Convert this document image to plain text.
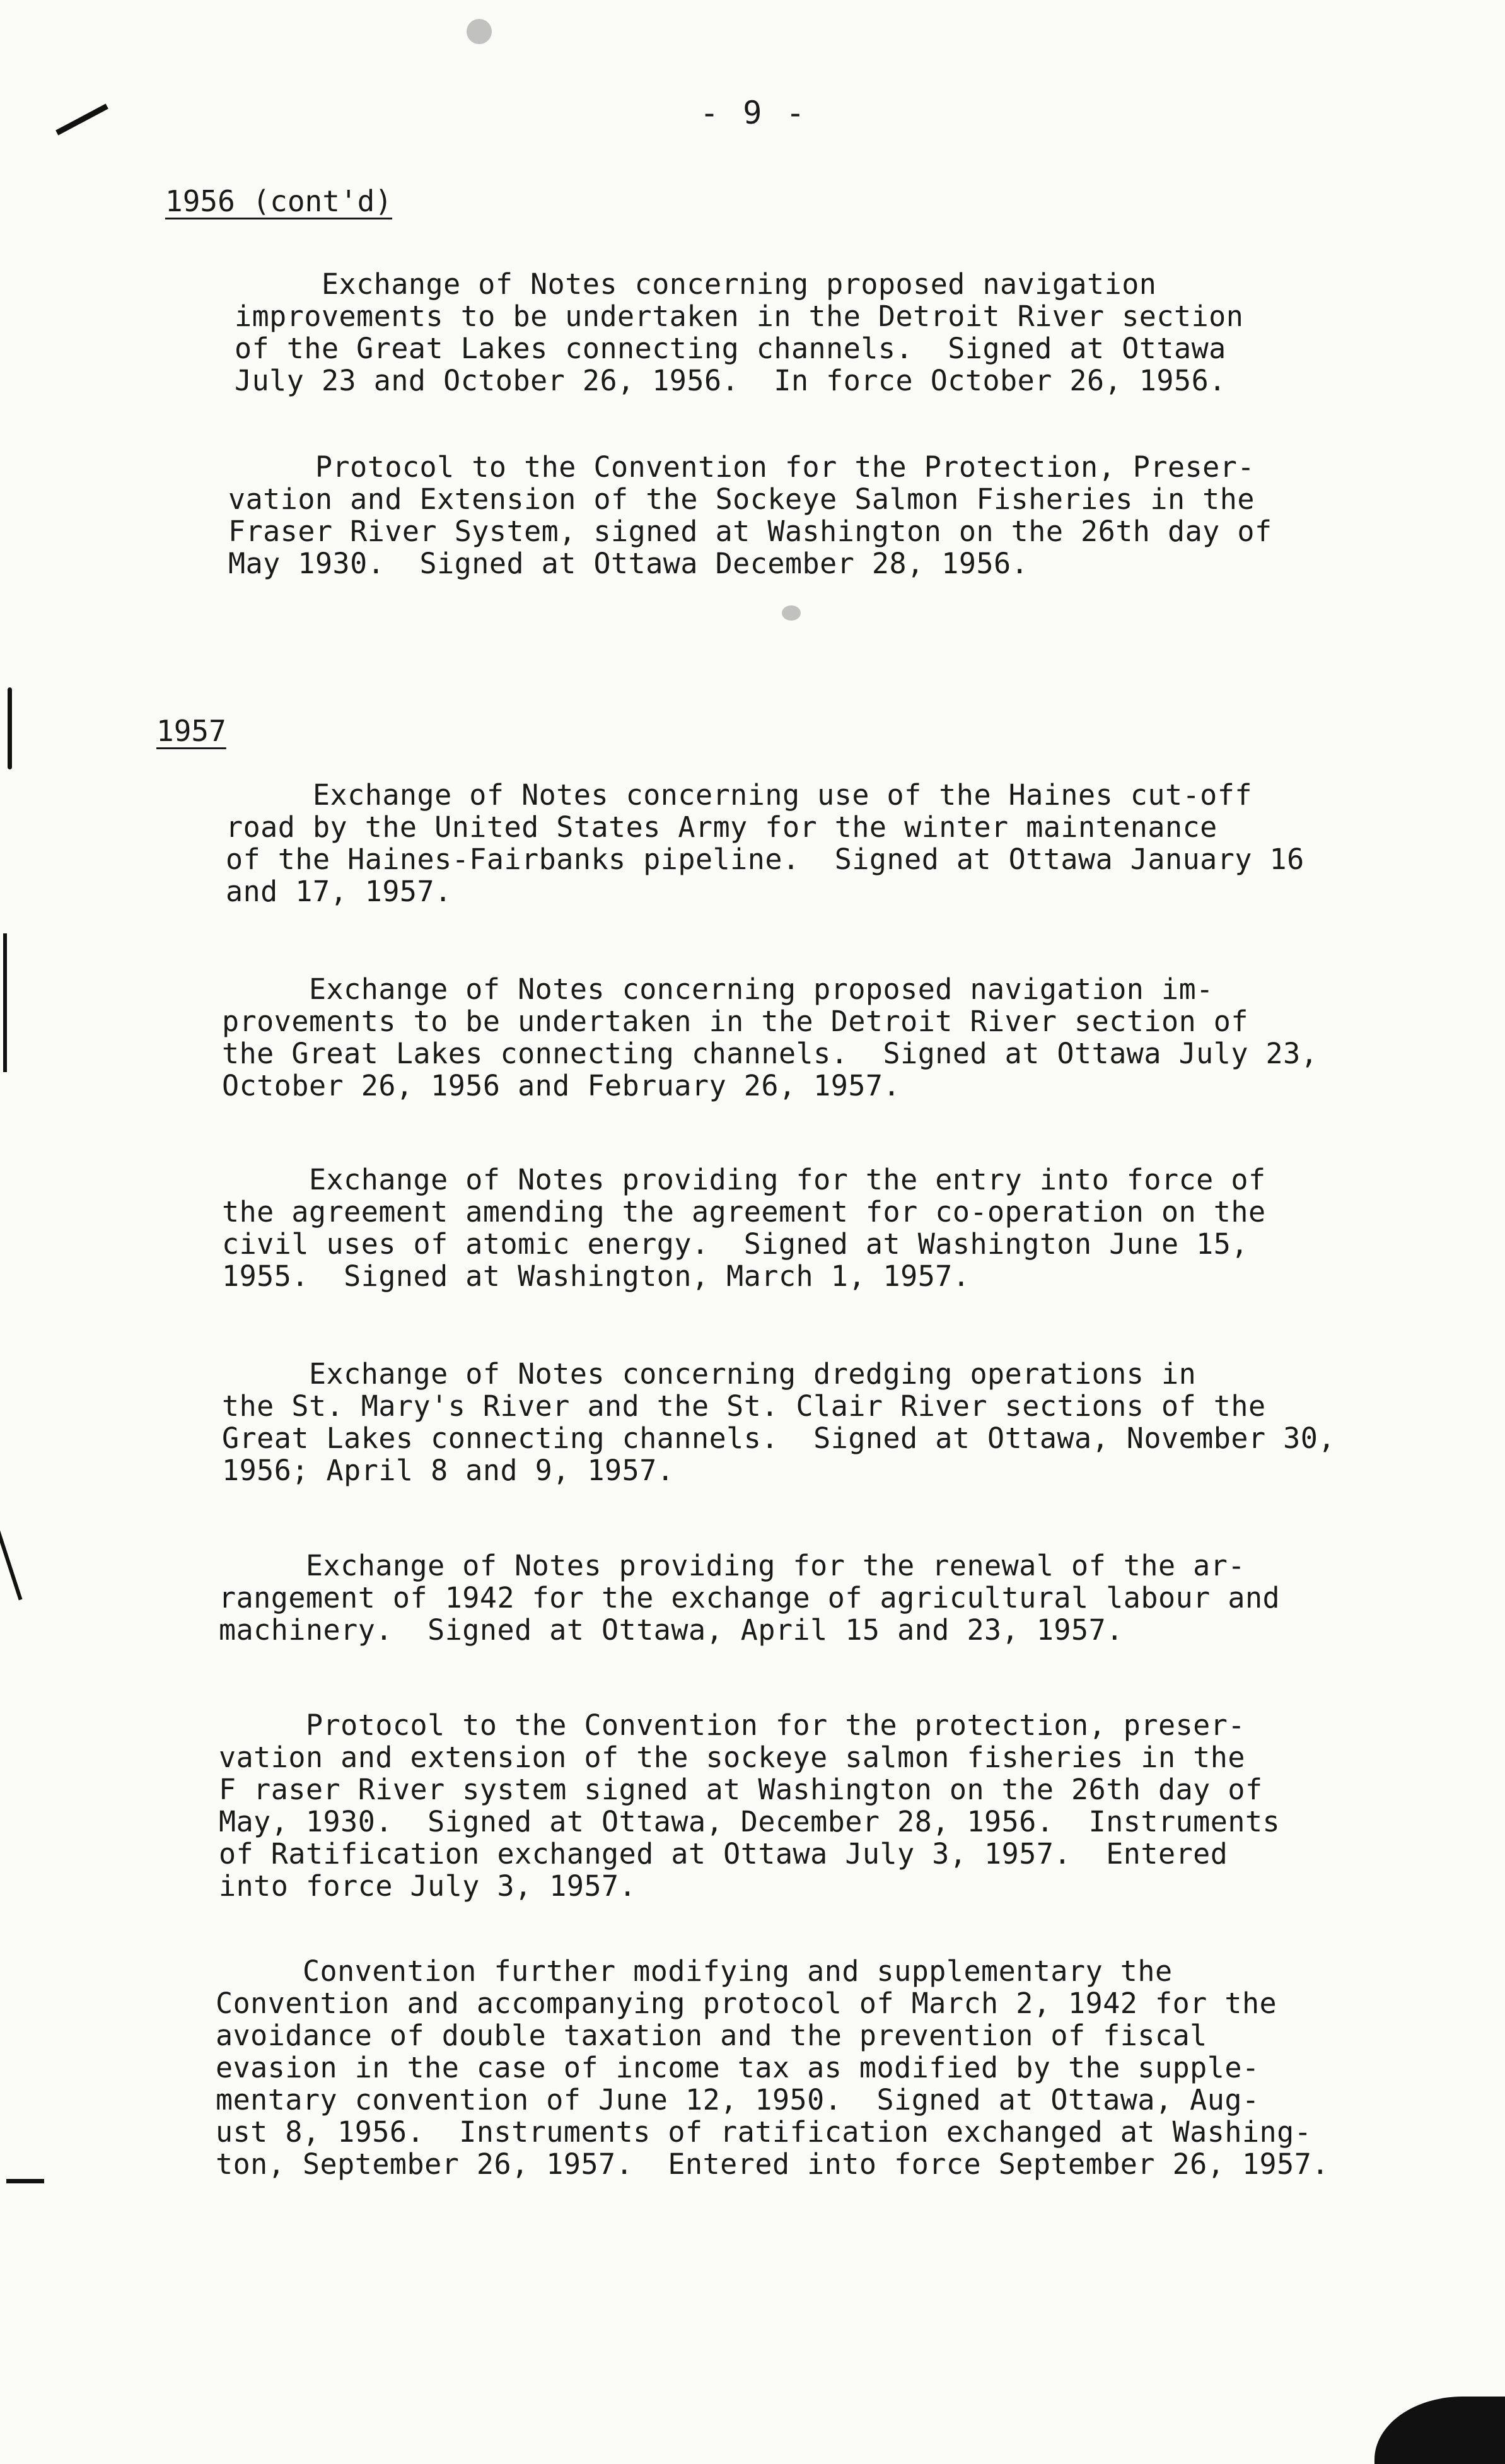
- 9 -
1956 (cont'd)
Exchange of Notes concerning proposed navigation
improvements to be undertaken in the Detroit River section
of the Great Lakes connecting channels.  Signed at Ottawa
July 23 and October 26, 1956.  In force October 26, 1956.
Protocol to the Convention for the Protection, Preser-
vation and Extension of the Sockeye Salmon Fisheries in the
Fraser River System, signed at Washington on the 26th day of
May 1930.  Signed at Ottawa December 28, 1956.
1957
Exchange of Notes concerning use of the Haines cut-off
road by the United States Army for the winter maintenance
of the Haines-Fairbanks pipeline.  Signed at Ottawa January 16
and 17, 1957.
Exchange of Notes concerning proposed navigation im-
provements to be undertaken in the Detroit River section of
the Great Lakes connecting channels.  Signed at Ottawa July 23,
October 26, 1956 and February 26, 1957.
Exchange of Notes providing for the entry into force of
the agreement amending the agreement for co-operation on the
civil uses of atomic energy.  Signed at Washington June 15,
1955.  Signed at Washington, March 1, 1957.
Exchange of Notes concerning dredging operations in
the St. Mary's River and the St. Clair River sections of the
Great Lakes connecting channels.  Signed at Ottawa, November 30,
1956; April 8 and 9, 1957.
Exchange of Notes providing for the renewal of the ar-
rangement of 1942 for the exchange of agricultural labour and
machinery.  Signed at Ottawa, April 15 and 23, 1957.
Protocol to the Convention for the protection, preser-
vation and extension of the sockeye salmon fisheries in the
F raser River system signed at Washington on the 26th day of
May, 1930.  Signed at Ottawa, December 28, 1956.  Instruments
of Ratification exchanged at Ottawa July 3, 1957.  Entered
into force July 3, 1957.
Convention further modifying and supplementary the
Convention and accompanying protocol of March 2, 1942 for the
avoidance of double taxation and the prevention of fiscal
evasion in the case of income tax as modified by the supple-
mentary convention of June 12, 1950.  Signed at Ottawa, Aug-
ust 8, 1956.  Instruments of ratification exchanged at Washing-
ton, September 26, 1957.  Entered into force September 26, 1957.
